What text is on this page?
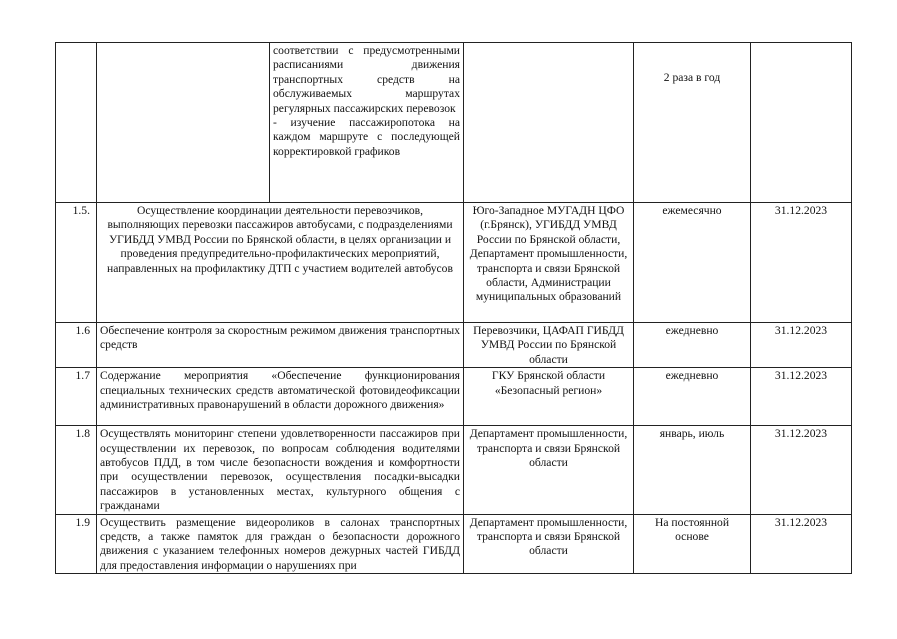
		соответствии с предусмотренными расписаниями движения транспортных средств на обслуживаемых маршрутах регулярных пассажирских перевозок
- изучение пассажиропотока на каждом маршруте с последующей корректировкой графиков		2 раза в год	
1.5.	Осуществление координации деятельности перевозчиков, выполняющих перевозки пассажиров автобусами, с подразделениями УГИБДД УМВД России по Брянской области, в целях организации и проведения предупредительно-профилактических мероприятий, направленных на профилактику ДТП с участием водителей автобусов		Юго-Западное МУГАДН ЦФО (г.Брянск), УГИБДД УМВД России по Брянской области, Департамент промышленности, транспорта и связи Брянской области, Администрации муниципальных образований	ежемесячно	31.12.2023
1.6	Обеспечение контроля за скоростным режимом движения транспортных средств		Перевозчики, ЦАФАП ГИБДД УМВД России по Брянской области	ежедневно	31.12.2023
1.7	Содержание мероприятия «Обеспечение функционирования специальных технических средств автоматической фотовидеофиксации административных правонарушений в области дорожного движения»		ГКУ Брянской области «Безопасный регион»	ежедневно	31.12.2023
1.8	Осуществлять мониторинг степени удовлетворенности пассажиров при осуществлении их перевозок, по вопросам соблюдения водителями автобусов ПДД, в том числе безопасности вождения и комфортности при осуществлении перевозок, осуществления посадки-высадки пассажиров в установленных местах, культурного общения с гражданами		Департамент промышленности, транспорта и связи Брянской области	январь, июль	31.12.2023
1.9	Осуществить размещение видеороликов в салонах транспортных средств, а также памяток для граждан о безопасности дорожного движения с указанием телефонных номеров дежурных частей ГИБДД для предоставления информации о нарушениях при		Департамент промышленности, транспорта и связи Брянской области	На постоянной основе	31.12.2023
